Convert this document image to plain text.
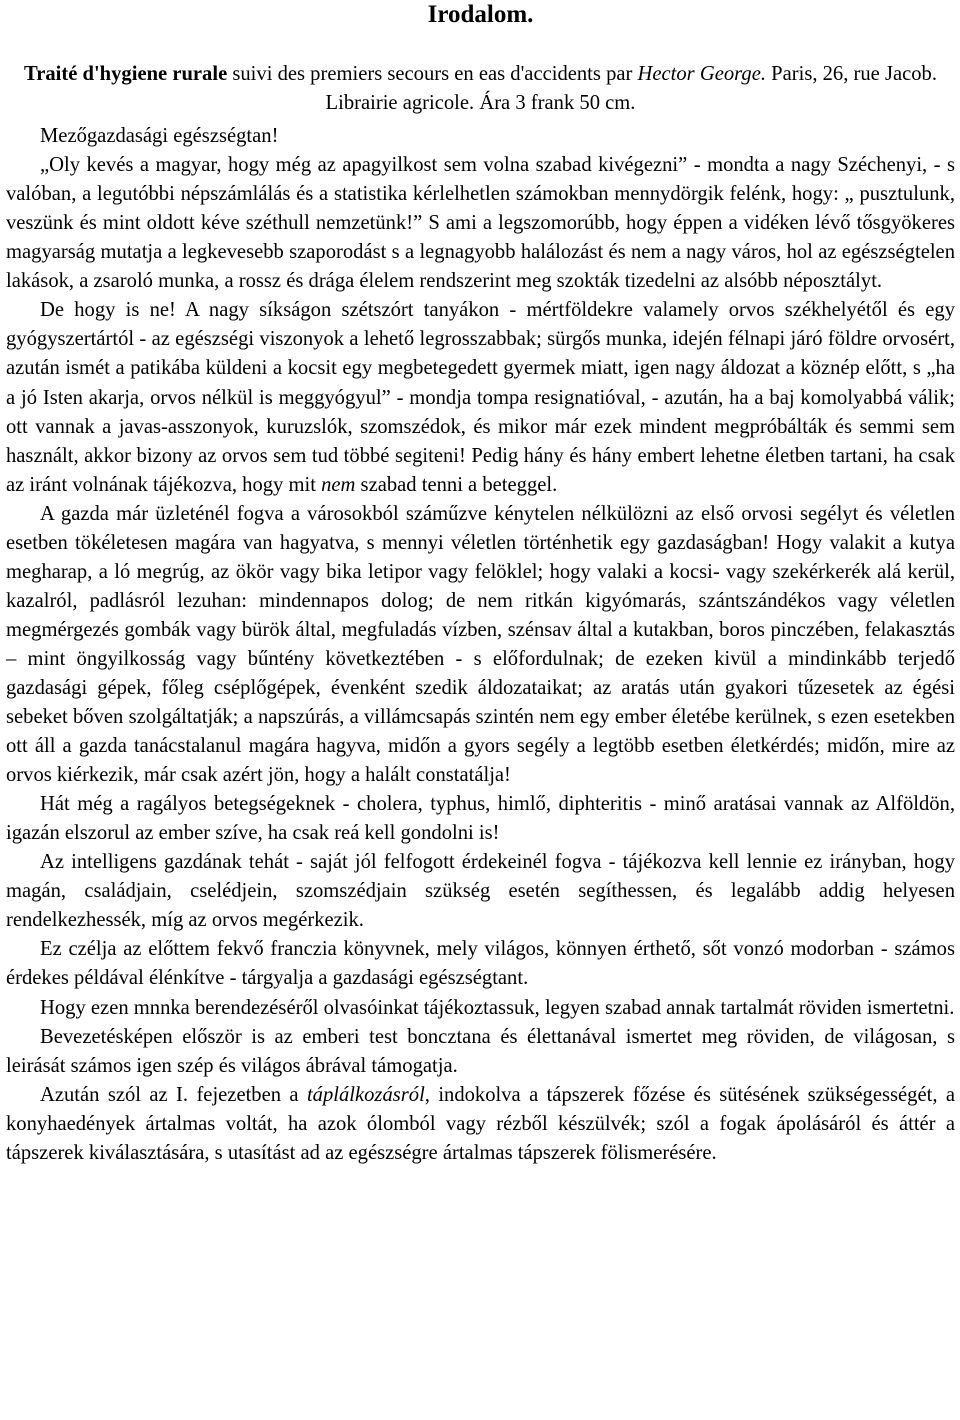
Irodalom.

Traité d'hygiene rurale suivi des premiers secours en eas d'accidents par Hector George. Paris, 26, rue Jacob. Librairie agricole. Ára 3 frank 50 cm.

Mezőgazdasági egészségtan!

„Oly kevés a magyar, hogy még az apagyilkost sem volna szabad kivégezni” - mondta a nagy Széchenyi, - s valóban, a legutóbbi népszámlálás és a statistika kérlelhetlen számokban mennydörgik felénk, hogy: „ pusztulunk, veszünk és mint oldott kéve széthull nemzetünk!” S ami a legszomorúbb, hogy éppen a vidéken lévő tősgyökeres magyarság mutatja a legkevesebb szaporodást s a legnagyobb halálozást és nem a nagy város, hol az egészségtelen lakások, a zsaroló munka, a rossz és drága élelem rendszerint meg szokták tizedelni az alsóbb néposztályt.

De hogy is ne! A nagy síkságon szétszórt tanyákon - mértföldekre valamely orvos székhelyétől és egy gyógyszertártól - az egészségi viszonyok a lehető legrosszabbak; sürgős munka, idején félnapi járó földre orvosért, azután ismét a patikába küldeni a kocsit egy megbetegedett gyermek miatt, igen nagy áldozat a köznép előtt, s „ha a jó Isten akarja, orvos nélkül is meggyógyul” - mondja tompa resignatióval, - azután, ha a baj komolyabbá válik; ott vannak a javas-asszonyok, kuruzslók, szomszédok, és mikor már ezek mindent megpróbálták és semmi sem használt, akkor bizony az orvos sem tud többé segiteni! Pedig hány és hány embert lehetne életben tartani, ha csak az iránt volnának tájékozva, hogy mit nem szabad tenni a beteggel.

A gazda már üzleténél fogva a városokból száműzve kénytelen nélkülözni az első orvosi segélyt és véletlen esetben tökéletesen magára van hagyatva, s mennyi véletlen történhetik egy gazdaságban! Hogy valakit a kutya megharap, a ló megrúg, az ökör vagy bika letipor vagy felöklel; hogy valaki a kocsi- vagy szekérkerék alá kerül, kazalról, padlásról lezuhan: mindennapos dolog; de nem ritkán kigyómarás, szántszándékos vagy véletlen megmérgezés gombák vagy bürök által, megfuladás vízben, szénsav által a kutakban, boros pinczében, felakasztás – mint öngyilkosság vagy bűntény következtében - s előfordulnak; de ezeken kivül a mindinkább terjedő gazdasági gépek, főleg cséplőgépek, évenként szedik áldozataikat; az aratás után gyakori tűzesetek az égési sebeket bőven szolgáltatják; a napszúrás, a villámcsapás szintén nem egy ember életébe kerülnek, s ezen esetekben ott áll a gazda tanácstalanul magára hagyva, midőn a gyors segély a legtöbb esetben életkérdés; midőn, mire az orvos kiérkezik, már csak azért jön, hogy a halált constatálja!

Hát még a ragályos betegségeknek - cholera, typhus, himlő, diphteritis - minő aratásai vannak az Alföldön, igazán elszorul az ember szíve, ha csak reá kell gondolni is!

Az intelligens gazdának tehát - saját jól felfogott érdekeinél fogva - tájékozva kell lennie ez irányban, hogy magán, családjain, cselédjein, szomszédjain szükség esetén segíthessen, és legalább addig helyesen rendelkezhessék, míg az orvos megérkezik.

Ez czélja az előttem fekvő franczia könyvnek, mely világos, könnyen érthető, sőt vonzó modorban - számos érdekes példával élénkítve - tárgyalja a gazdasági egészségtant.

Hogy ezen mnnka berendezéséről olvasóinkat tájékoztassuk, legyen szabad annak tartalmát röviden ismertetni.

Bevezetésképen először is az emberi test boncztana és élettanával ismertet meg röviden, de világosan, s leirását számos igen szép és világos ábrával támogatja.

Azután szól az I. fejezetben a táplálkozásról, indokolva a tápszerek főzése és sütésének szükségességét, a konyhaedények ártalmas voltát, ha azok ólomból vagy rézből készülvék; szól a fogak ápolásáról és áttér a tápszerek kiválasztására, s utasítást ad az egészségre ártalmas tápszerek fölismerésére.
